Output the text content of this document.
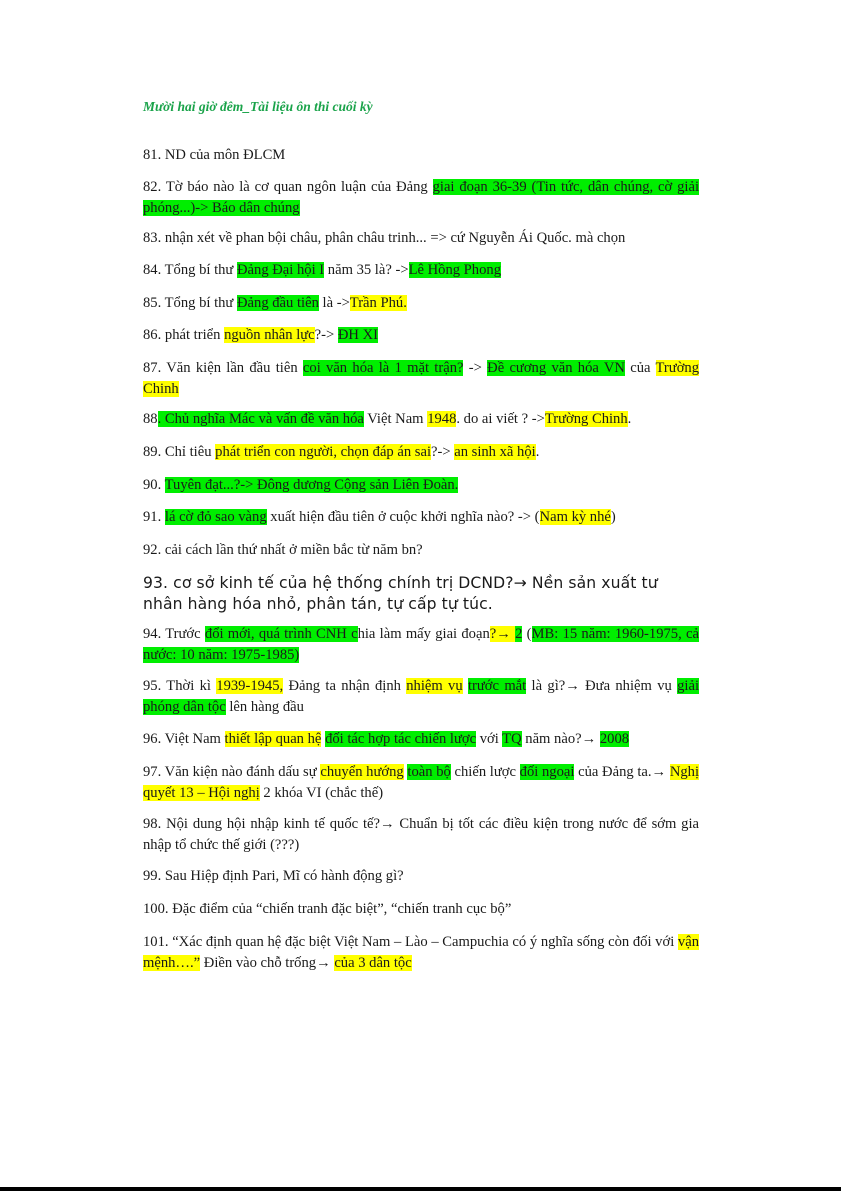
Mười hai giờ đêm_Tài liệu ôn thi cuối kỳ
81. ND của môn ĐLCM
82. Tờ báo nào là cơ quan ngôn luận của Đảng giai đoạn 36-39 (Tin tức, dân chúng, cờ giải phóng...)-> Báo dân chúng
83. nhận xét về phan bội châu, phân châu trinh... => cứ Nguyễn Ái Quốc. mà chọn
84. Tổng bí thư Đảng Đại hội I năm 35 là? ->Lê Hồng Phong
85. Tổng bí thư Đảng đầu tiên là ->Trần Phú.
86. phát triển nguồn nhân lực?-> ĐH XI
87. Văn kiện lần đầu tiên coi văn hóa là 1 mặt trận? -> Đề cương văn hóa VN của Trường Chinh
88. Chủ nghĩa Mác và vấn đề văn hóa Việt Nam 1948. do ai viết ? ->Trường Chinh.
89. Chỉ tiêu phát triển con người, chọn đáp án sai?-> an sinh xã hội.
90. Tuyên đạt...?-> Đông dương Cộng sản Liên Đoàn.
91. lá cờ đỏ sao vàng xuất hiện đầu tiên ở cuộc khởi nghĩa nào? -> (Nam kỳ nhé)
92. cải cách lần thứ nhất ở miền bắc từ năm bn?
93. cơ sở kinh tế của hệ thống chính trị DCND?→ Nền sản xuất tư nhân hàng hóa nhỏ, phân tán, tự cấp tự túc.
94. Trước đổi mới, quá trình CNH chia làm mấy giai đoạn?→ 2 (MB: 15 năm: 1960-1975, cả nước: 10 năm: 1975-1985)
95. Thời kì 1939-1945, Đảng ta nhận định nhiệm vụ trước mắt là gì?→ Đưa nhiệm vụ giải phóng dân tộc lên hàng đầu
96. Việt Nam thiết lập quan hệ đối tác hợp tác chiến lược với TQ năm nào?→ 2008
97. Văn kiện nào đánh dấu sự chuyển hướng toàn bộ chiến lược đối ngoại của Đảng ta.→ Nghị quyết 13 – Hội nghị 2 khóa VI (chắc thế)
98. Nội dung hội nhập kinh tế quốc tế?→ Chuẩn bị tốt các điều kiện trong nước để sớm gia nhập tổ chức thế giới (???)
99. Sau Hiệp định Pari, Mĩ có hành động gì?
100. Đặc điểm của “chiến tranh đặc biệt”, “chiến tranh cục bộ”
101. “Xác định quan hệ đặc biệt Việt Nam – Lào – Campuchia có ý nghĩa sống còn đối với vận mệnh….” Điền vào chỗ trống→ của 3 dân tộc
